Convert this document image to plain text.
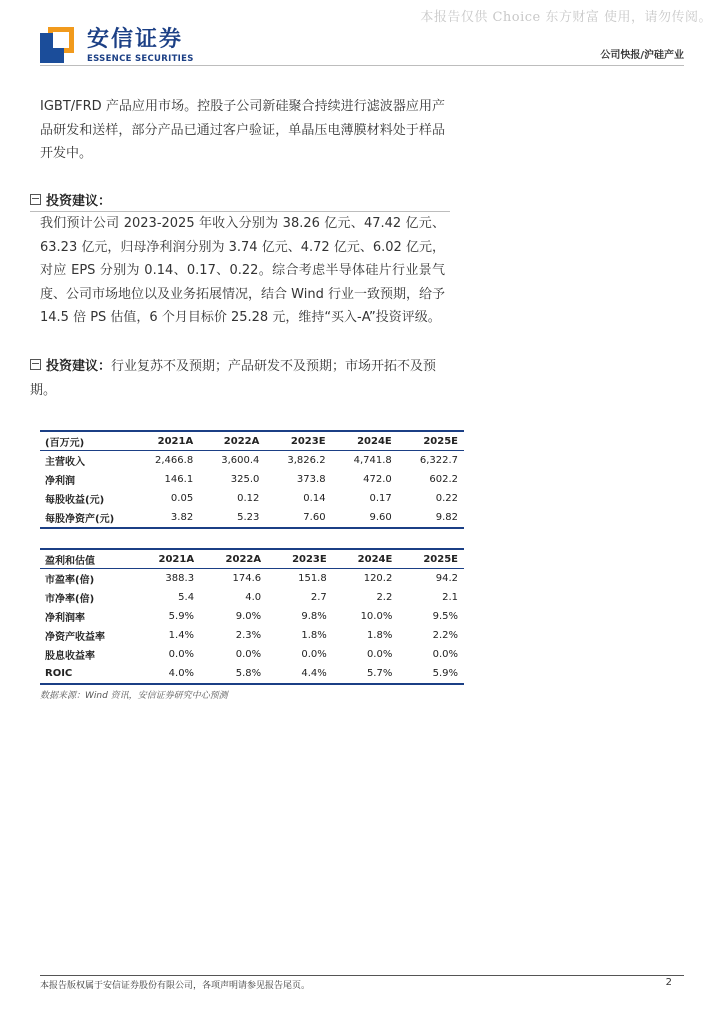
本报告仅供 Choice 东方财富 使用，请勿传阅。
安信证券
ESSENCE SECURITIES	公司快报/沪硅产业
IGBT/FRD 产品应用市场。控股子公司新硅聚合持续进行滤波器应用产品研发和送样，部分产品已通过客户验证，单晶压电薄膜材料处于样品开发中。
投资建议：
我们预计公司 2023-2025 年收入分别为 38.26 亿元、47.42 亿元、63.23 亿元，归母净利润分别为 3.74 亿元、4.72 亿元、6.02 亿元，对应 EPS 分别为 0.14、0.17、0.22。综合考虑半导体硅片行业景气度、公司市场地位以及业务拓展情况，结合 Wind 行业一致预期，给予 14.5 倍 PS 估值，6 个月目标价 25.28 元，维持“买入-A”投资评级。
投资建议：行业复苏不及预期；产品研发不及预期；市场开拓不及预期。
(百万元)	2021A	2022A	2023E	2024E	2025E
主营收入	2,466.8	3,600.4	3,826.2	4,741.8	6,322.7
净利润	146.1	325.0	373.8	472.0	602.2
每股收益(元)	0.05	0.12	0.14	0.17	0.22
每股净资产(元)	3.82	5.23	7.60	9.60	9.82
盈利和估值	2021A	2022A	2023E	2024E	2025E
市盈率(倍)	388.3	174.6	151.8	120.2	94.2
市净率(倍)	5.4	4.0	2.7	2.2	2.1
净利润率	5.9%	9.0%	9.8%	10.0%	9.5%
净资产收益率	1.4%	2.3%	1.8%	1.8%	2.2%
股息收益率	0.0%	0.0%	0.0%	0.0%	0.0%
ROIC	4.0%	5.8%	4.4%	5.7%	5.9%
数据来源：Wind 资讯，安信证券研究中心预测
本报告版权属于安信证券股份有限公司，各项声明请参见报告尾页。	2
